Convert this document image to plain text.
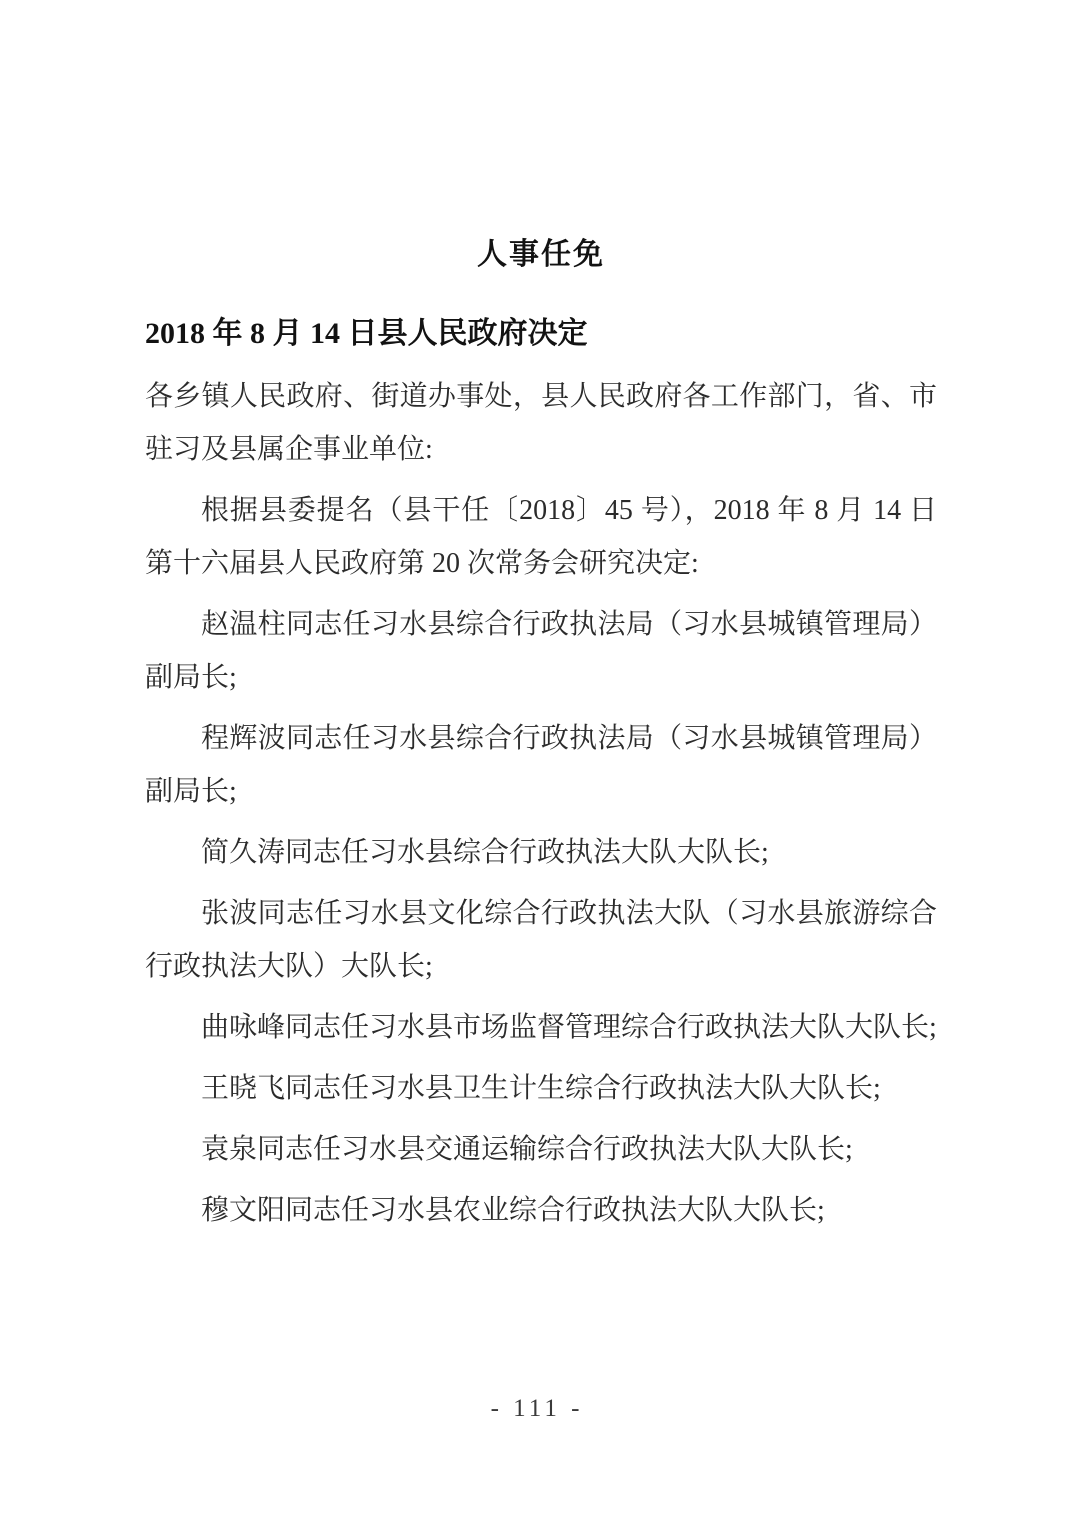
人事任免
2018 年 8 月 14 日县人民政府决定

各乡镇人民政府、街道办事处，县人民政府各工作部门，省、市驻习及县属企事业单位:

根据县委提名（县干任〔2018〕45 号），2018 年 8 月 14 日第十六届县人民政府第 20 次常务会研究决定:

赵温柱同志任习水县综合行政执法局（习水县城镇管理局）副局长;

程辉波同志任习水县综合行政执法局（习水县城镇管理局）副局长;

简久涛同志任习水县综合行政执法大队大队长;

张波同志任习水县文化综合行政执法大队（习水县旅游综合行政执法大队）大队长;

曲咏峰同志任习水县市场监督管理综合行政执法大队大队长;

王晓飞同志任习水县卫生计生综合行政执法大队大队长;

袁泉同志任习水县交通运输综合行政执法大队大队长;

穆文阳同志任习水县农业综合行政执法大队大队长;

- 111 -
